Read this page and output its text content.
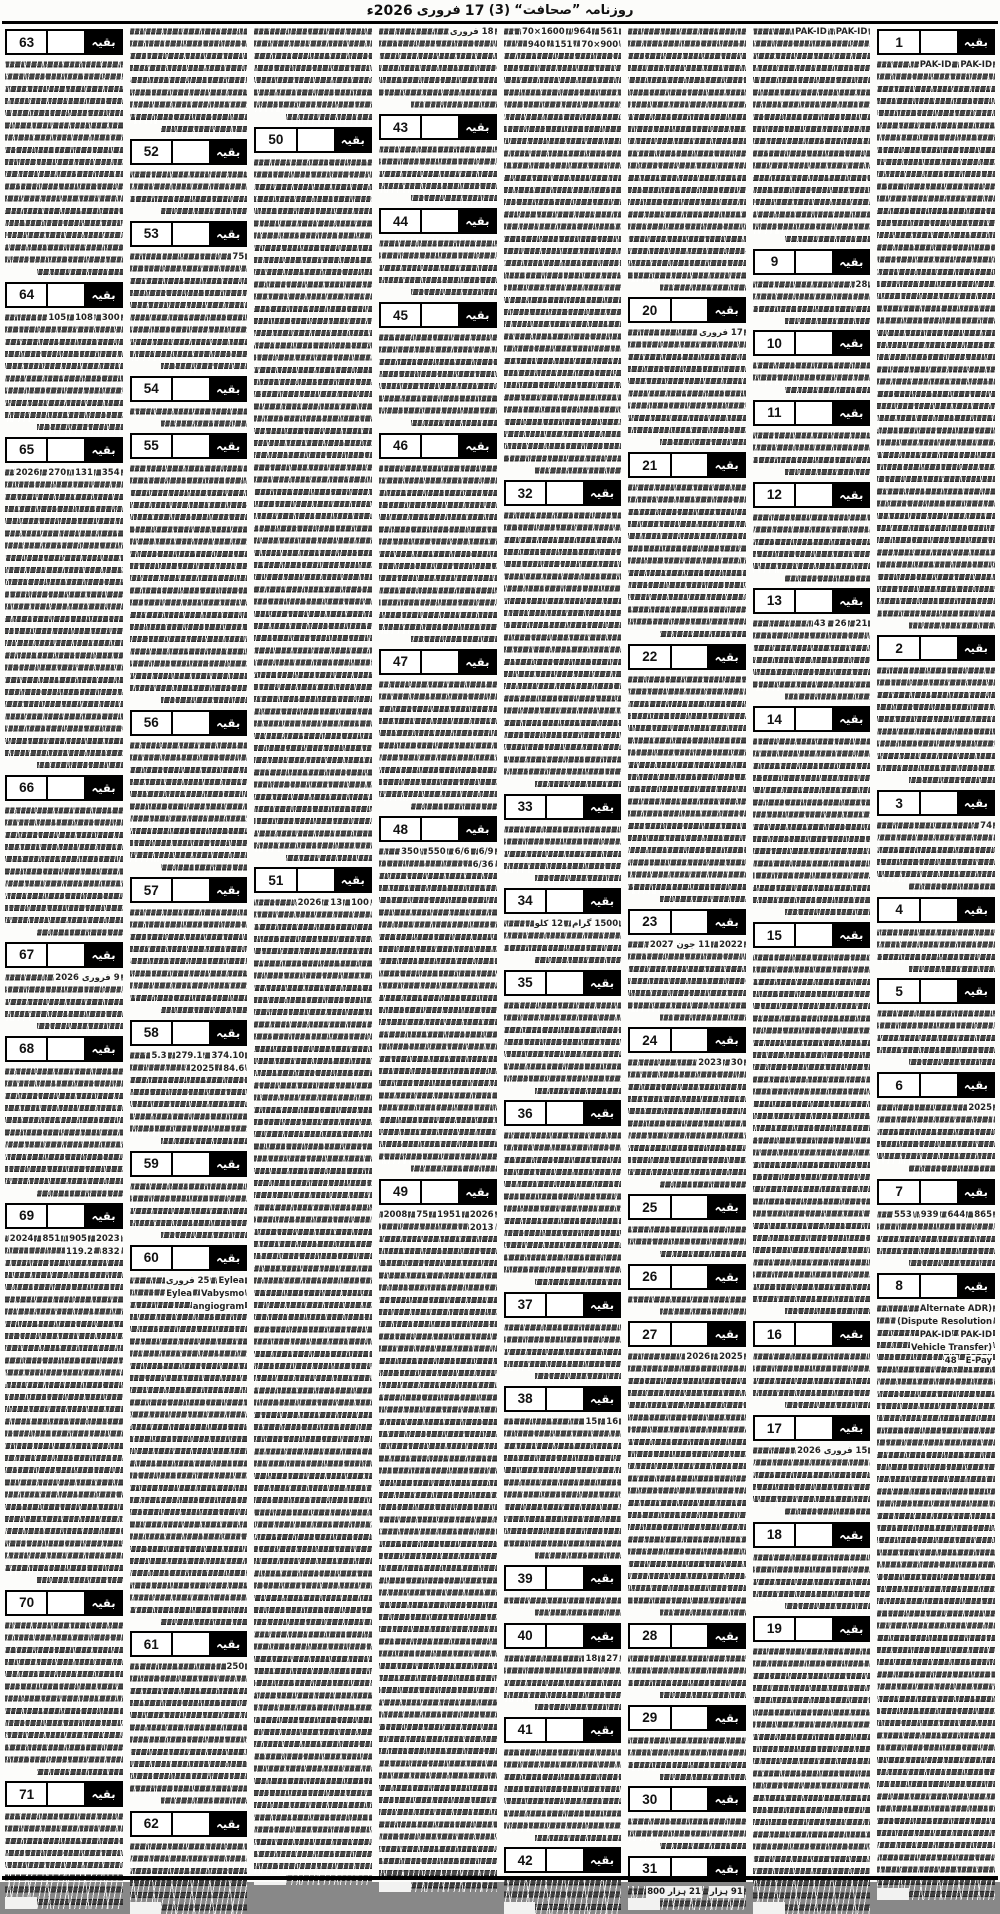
روزنامہ ”صحافت“
(3)
17
فروری
2026ء
1	بقیہ
PAK-ID
PAK-ID
2	بقیہ
3	بقیہ
74
4	بقیہ
5	بقیہ
6	بقیہ
2025
7	بقیہ
865
644
939
553
8	بقیہ
(Alternate ADR
Dispute Resolution)
PAK-ID
PAK-ID
(Vehicle Transfer
E-Pay
48
PAK-ID
PAK-ID
9	بقیہ
28
10	بقیہ
11	بقیہ
12	بقیہ
13	بقیہ
21
26
43
14	بقیہ
15	بقیہ
16	بقیہ
17	بقیہ
15 فروری 2026
18	بقیہ
19	بقیہ
20	بقیہ
17 فروری
21	بقیہ
22	بقیہ
23	بقیہ
2022
11 جون 2027
24	بقیہ
30
2023
25	بقیہ
26	بقیہ
27	بقیہ
2025
2026
28	بقیہ
29	بقیہ
30	بقیہ
31	بقیہ
91 ہزار
21 ہزار 800
561
964
1600×70
900×70
151
940
32	بقیہ
33	بقیہ
34	بقیہ
1500 گرام
12 کلو
35	بقیہ
36	بقیہ
37	بقیہ
38	بقیہ
16
15
39	بقیہ
40	بقیہ
27
18
41	بقیہ
42	بقیہ
18 فروری
43	بقیہ
44	بقیہ
45	بقیہ
46	بقیہ
47	بقیہ
48	بقیہ
6/9
6/6
550
350
6/36
49	بقیہ
2026
1951
75
2008
2013
50	بقیہ
51	بقیہ
100
13
2026
52	بقیہ
53	بقیہ
75
54	بقیہ
55	بقیہ
56	بقیہ
57	بقیہ
58	بقیہ
374.10
279.1
5.3
84.6
2025
59	بقیہ
60	بقیہ
Eylea
25 فروری
Vabysmo
Eylea
angiogram
61	بقیہ
250
62	بقیہ
63	بقیہ
64	بقیہ
300
108
105
65	بقیہ
354
131
270
2026
66	بقیہ
67	بقیہ
9 فروری 2026
68	بقیہ
69	بقیہ
2023
905
851
2024
832
119.2
70	بقیہ
71	بقیہ
